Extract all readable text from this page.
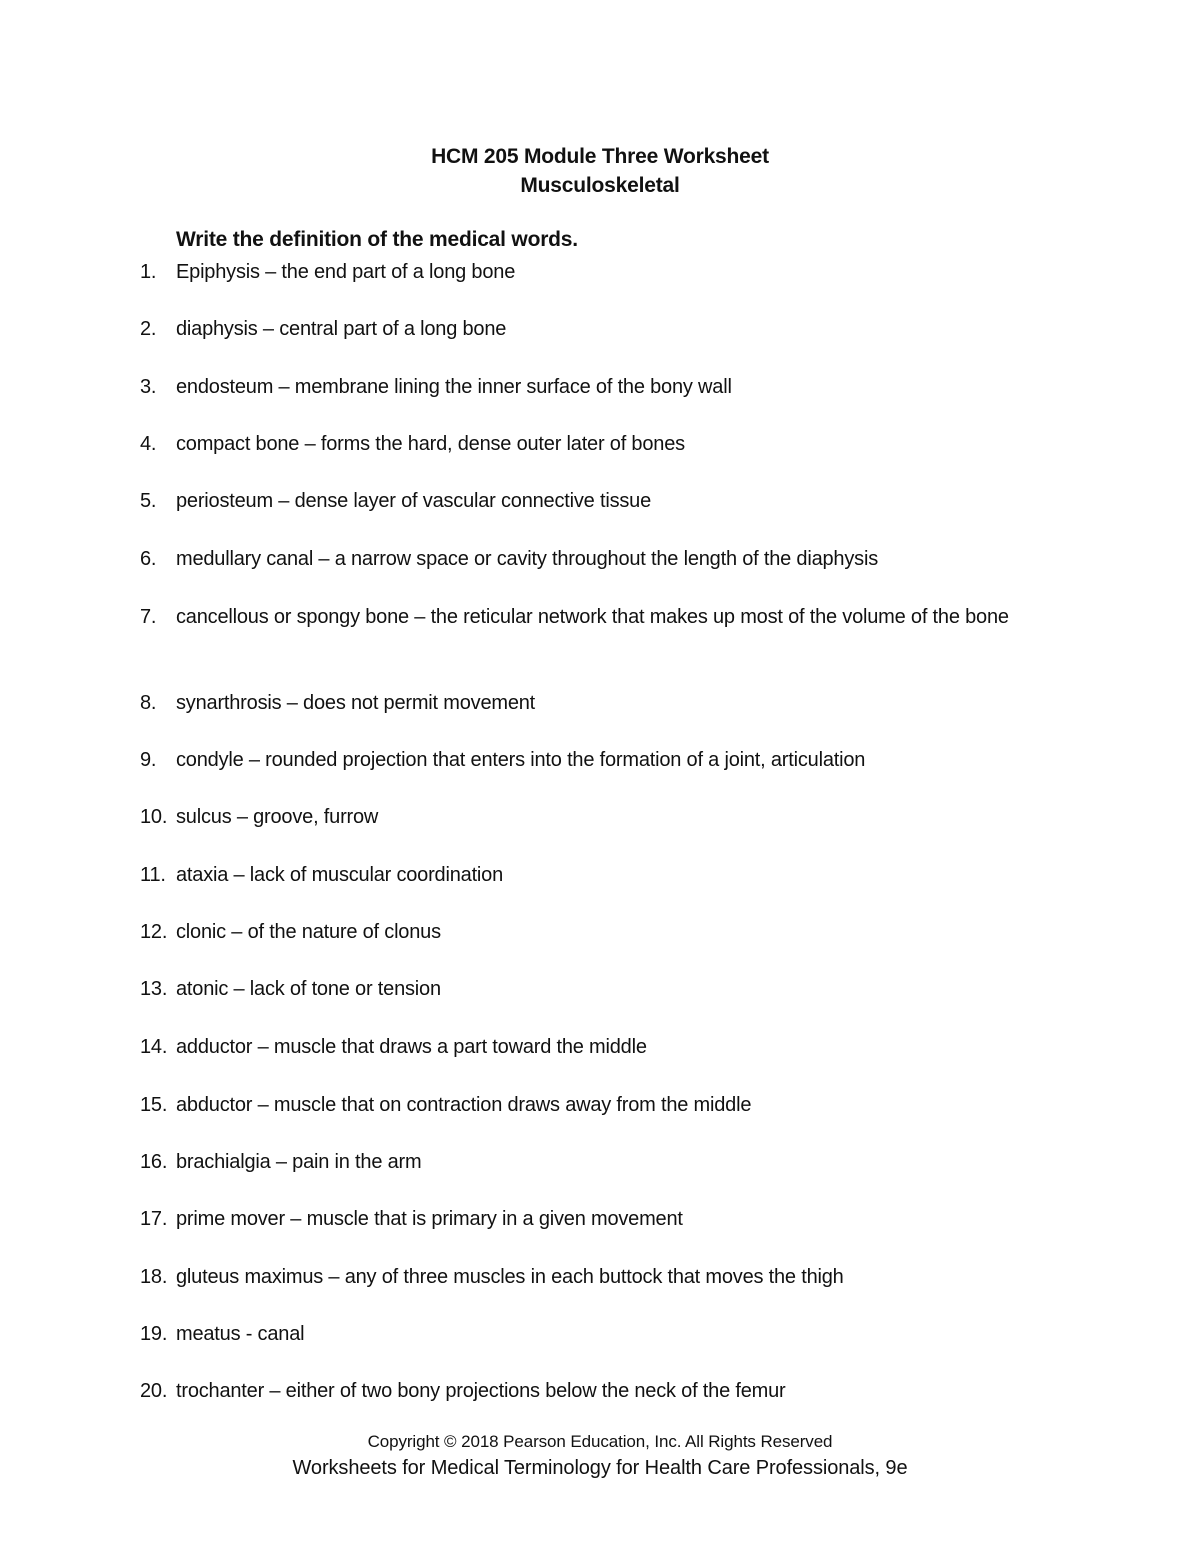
HCM 205 Module Three Worksheet
Musculoskeletal
Write the definition of the medical words.
1. Epiphysis – the end part of a long bone
2. diaphysis – central part of a long bone
3. endosteum – membrane lining the inner surface of the bony wall
4. compact bone – forms the hard, dense outer later of bones
5. periosteum – dense layer of vascular connective tissue
6. medullary canal – a narrow space or cavity throughout the length of the diaphysis
7. cancellous or spongy bone – the reticular network that makes up most of the volume of the bone
8. synarthrosis – does not permit movement
9. condyle – rounded projection that enters into the formation of a joint, articulation
10. sulcus – groove, furrow
11. ataxia – lack of muscular coordination
12. clonic – of the nature of clonus
13. atonic – lack of tone or tension
14. adductor – muscle that draws a part toward the middle
15. abductor – muscle that on contraction draws away from the middle
16. brachialgia – pain in the arm
17. prime mover – muscle that is primary in a given movement
18. gluteus maximus – any of three muscles in each buttock that moves the thigh
19. meatus - canal
20. trochanter – either of two bony projections below the neck of the femur
Copyright © 2018 Pearson Education, Inc. All Rights Reserved
Worksheets for Medical Terminology for Health Care Professionals, 9e
